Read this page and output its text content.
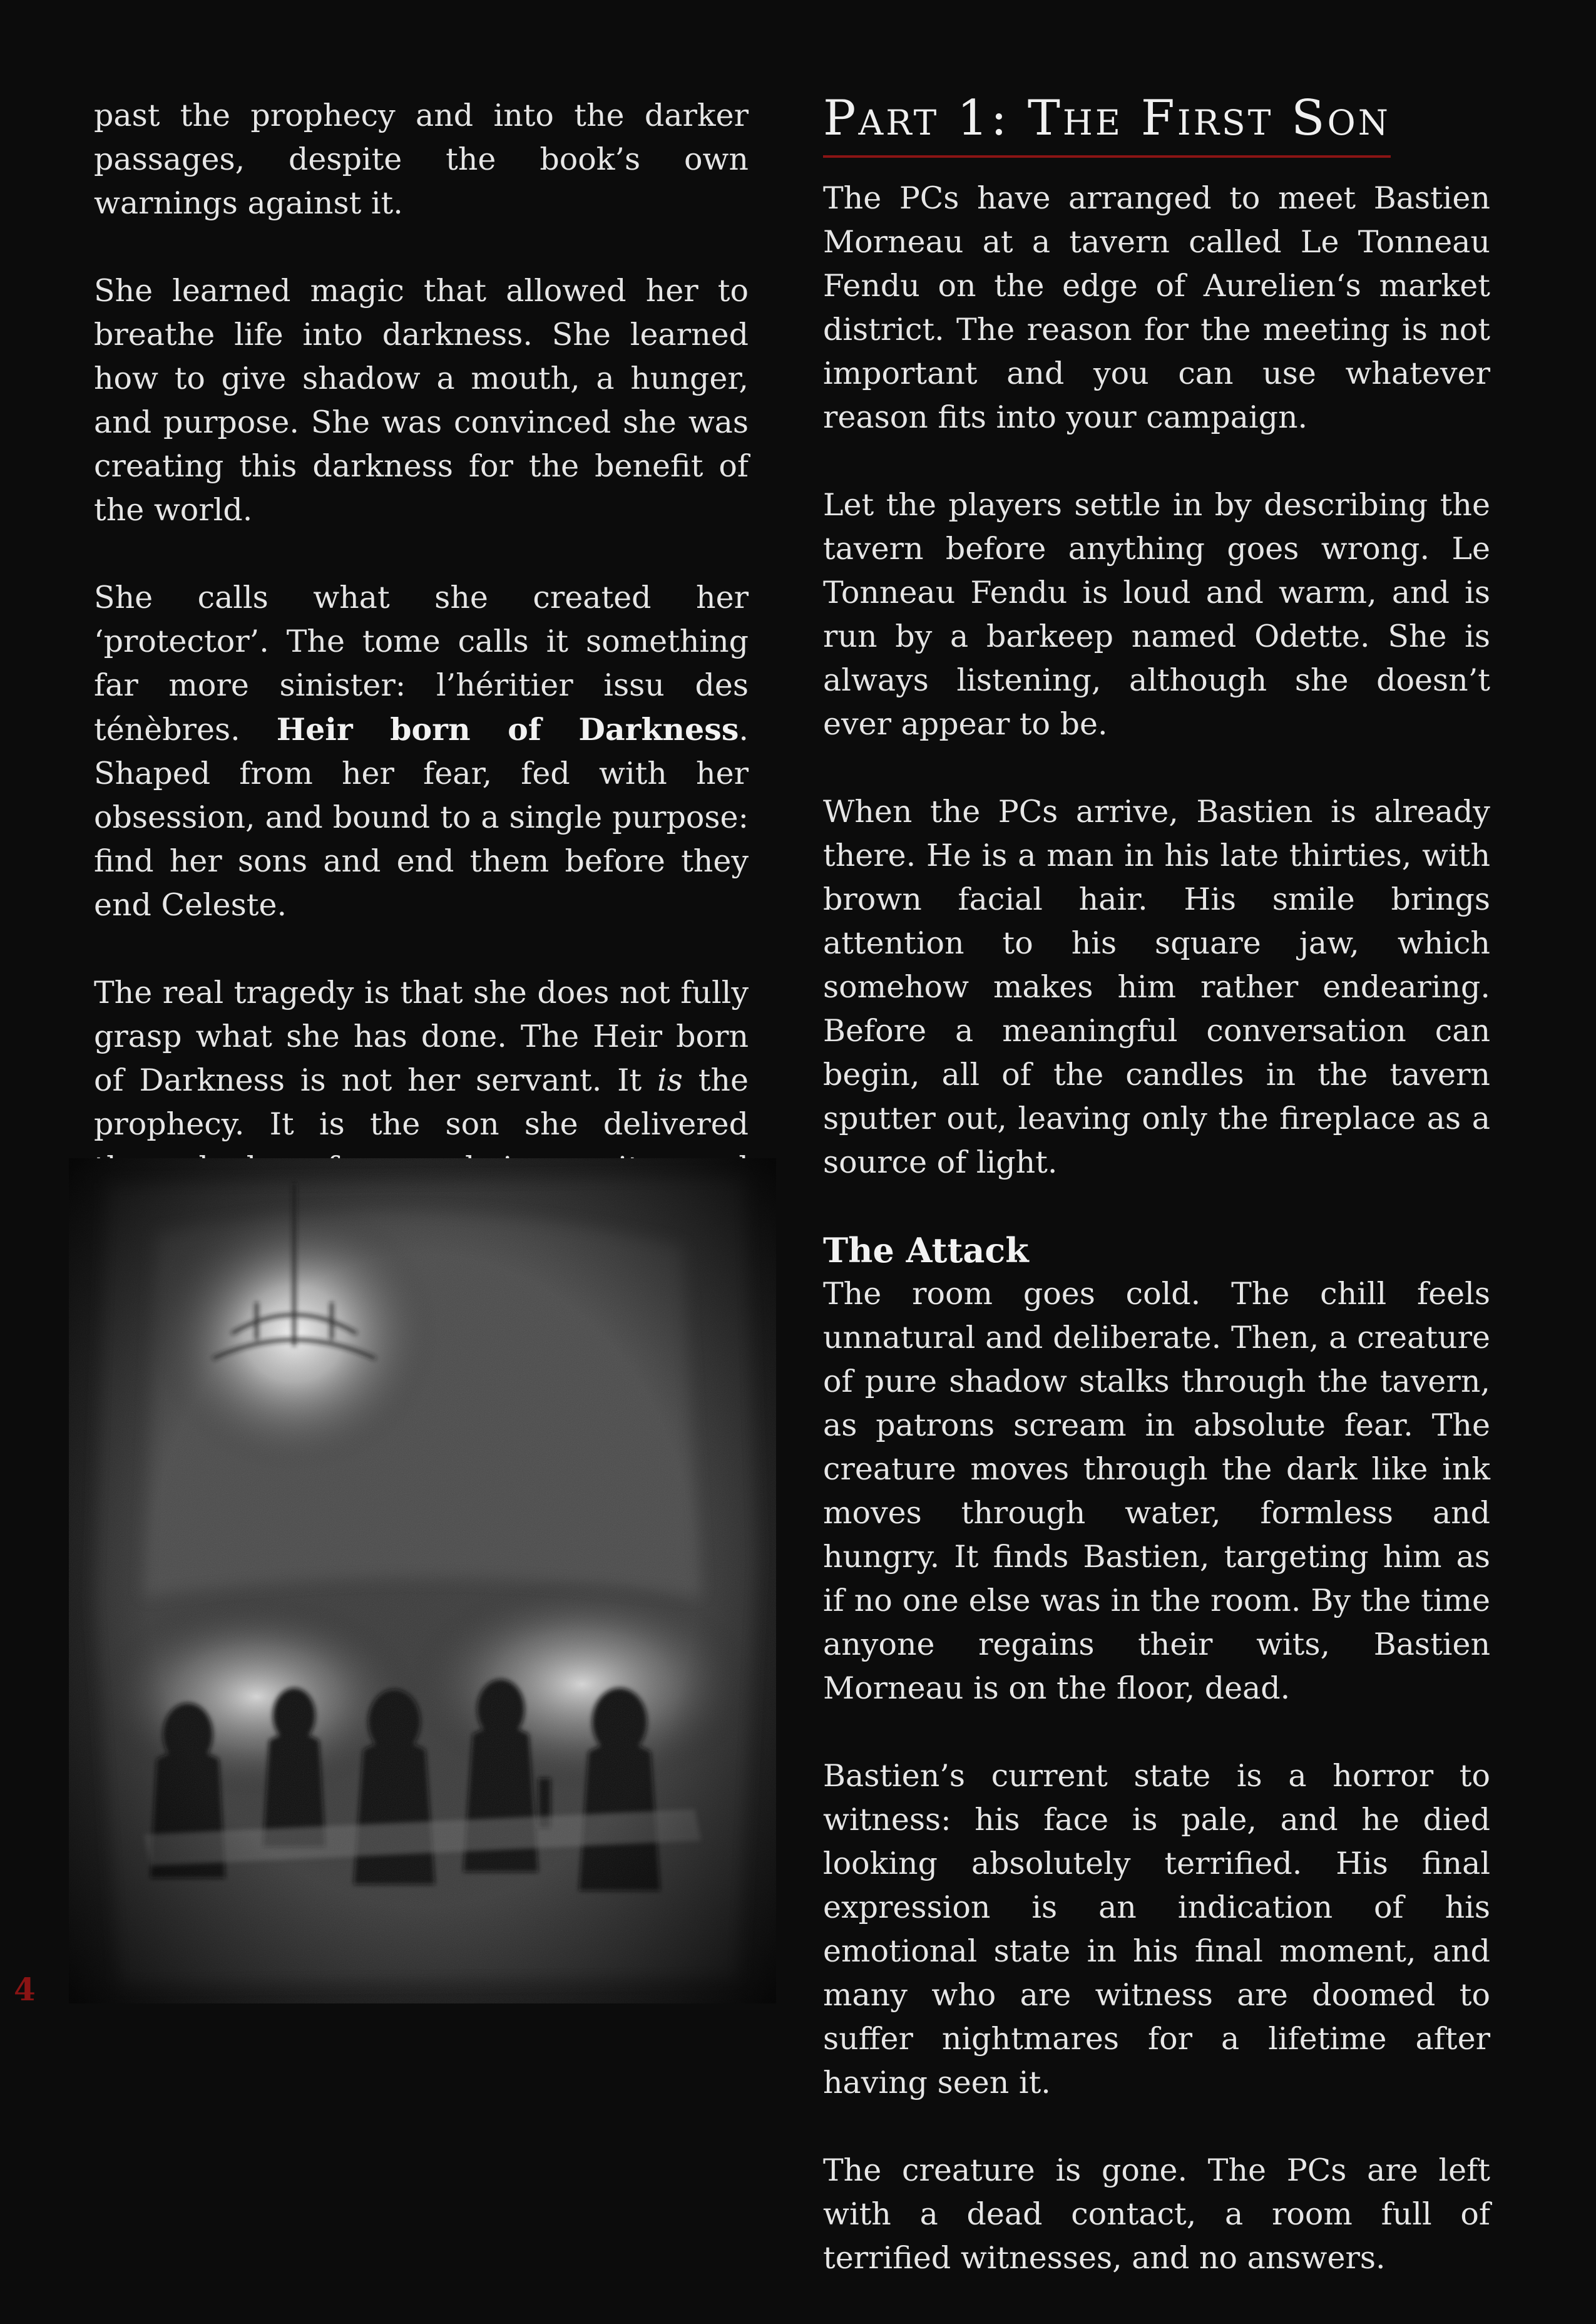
past the prophecy and into the darker passages, despite the book’s own warnings against it.

She learned magic that allowed her to breathe life into darkness. She learned how to give shadow a mouth, a hunger, and purpose. She was convinced she was creating this darkness for the benefit of the world.

She calls what she created her ‘protector’. The tome calls it something far more sinister: l’héritier issu des ténèbres. Heir born of Darkness. Shaped from her fear, fed with her obsession, and bound to a single purpose: find her sons and end them before they end Celeste.

The real tragedy is that she does not fully grasp what she has done. The Heir born of Darkness is not her servant. It is the prophecy. It is the son she delivered

Part 1: The First Son

The PCs have arranged to meet Bastien Morneau at a tavern called Le Tonneau Fendu on the edge of Aurelien‘s market district. The reason for the meeting is not important and you can use whatever reason fits into your campaign.

Let the players settle in by describing the tavern before anything goes wrong. Le Tonneau Fendu is loud and warm, and is run by a barkeep named Odette. She is always listening, although she doesn’t ever appear to be.

When the PCs arrive, Bastien is already there. He is a man in his late thirties, with brown facial hair. His smile brings attention to his square jaw, which somehow makes him rather endearing. Before a meaningful conversation can begin, all of the candles in the tavern sputter out, leaving only the fireplace as a source of light.

The Attack

The room goes cold. The chill feels unnatural and deliberate. Then, a creature of pure shadow stalks through the tavern, as patrons scream in absolute fear. The creature moves through the dark like ink moves through water, formless and hungry. It finds Bastien, targeting him as if no one else was in the room. By the time anyone regains their wits, Bastien Morneau is on the floor, dead.

Bastien’s current state is a horror to witness: his face is pale, and he died looking absolutely terrified. His final expression is an indication of his emotional state in his final moment, and many who are witness are doomed to suffer nightmares for a lifetime after having seen it.

The creature is gone. The PCs are left with a dead contact, a room full of terrified witnesses, and no answers.

4
